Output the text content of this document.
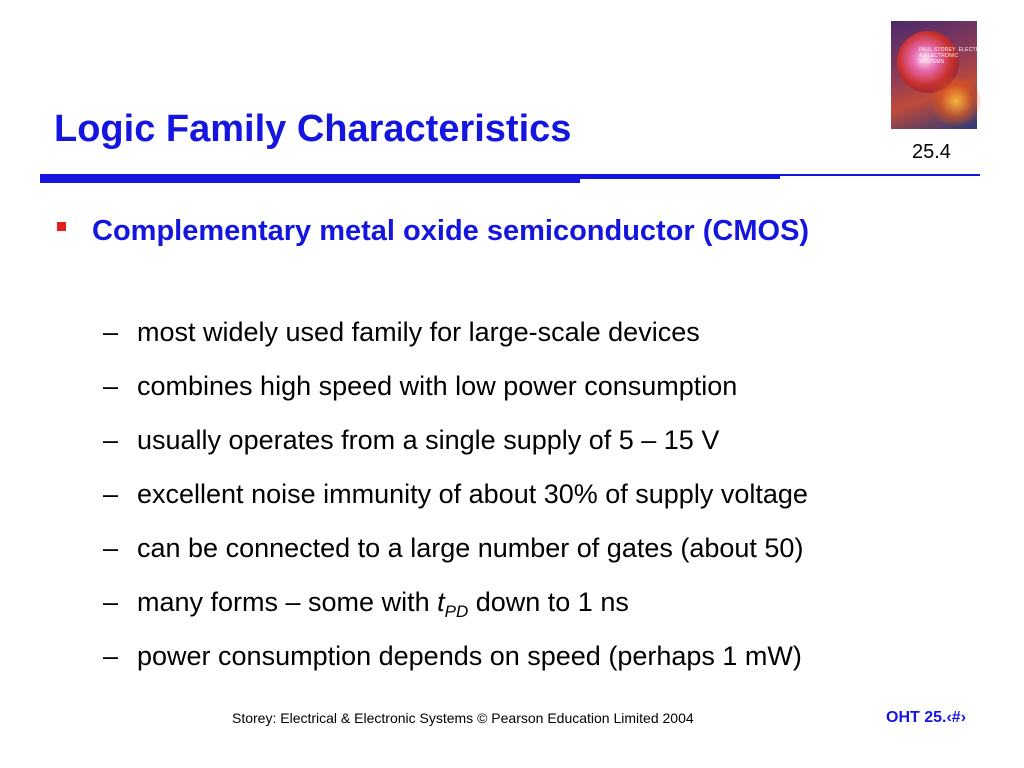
Logic Family Characteristics
PAUL STOREY  ELECTRICAL
& ELECTRONIC
SYSTEMS
25.4

Complementary metal oxide semiconductor (CMOS)

– most widely used family for large-scale devices
– combines high speed with low power consumption
– usually operates from a single supply of 5 – 15 V
– excellent noise immunity of about 30% of supply voltage
– can be connected to a large number of gates (about 50)
– many forms – some with $t_{PD}$ down to 1 ns
– power consumption depends on speed (perhaps 1 mW)
Storey: Electrical & Electronic Systems © Pearson Education Limited 2004	OHT 25.‹#›
